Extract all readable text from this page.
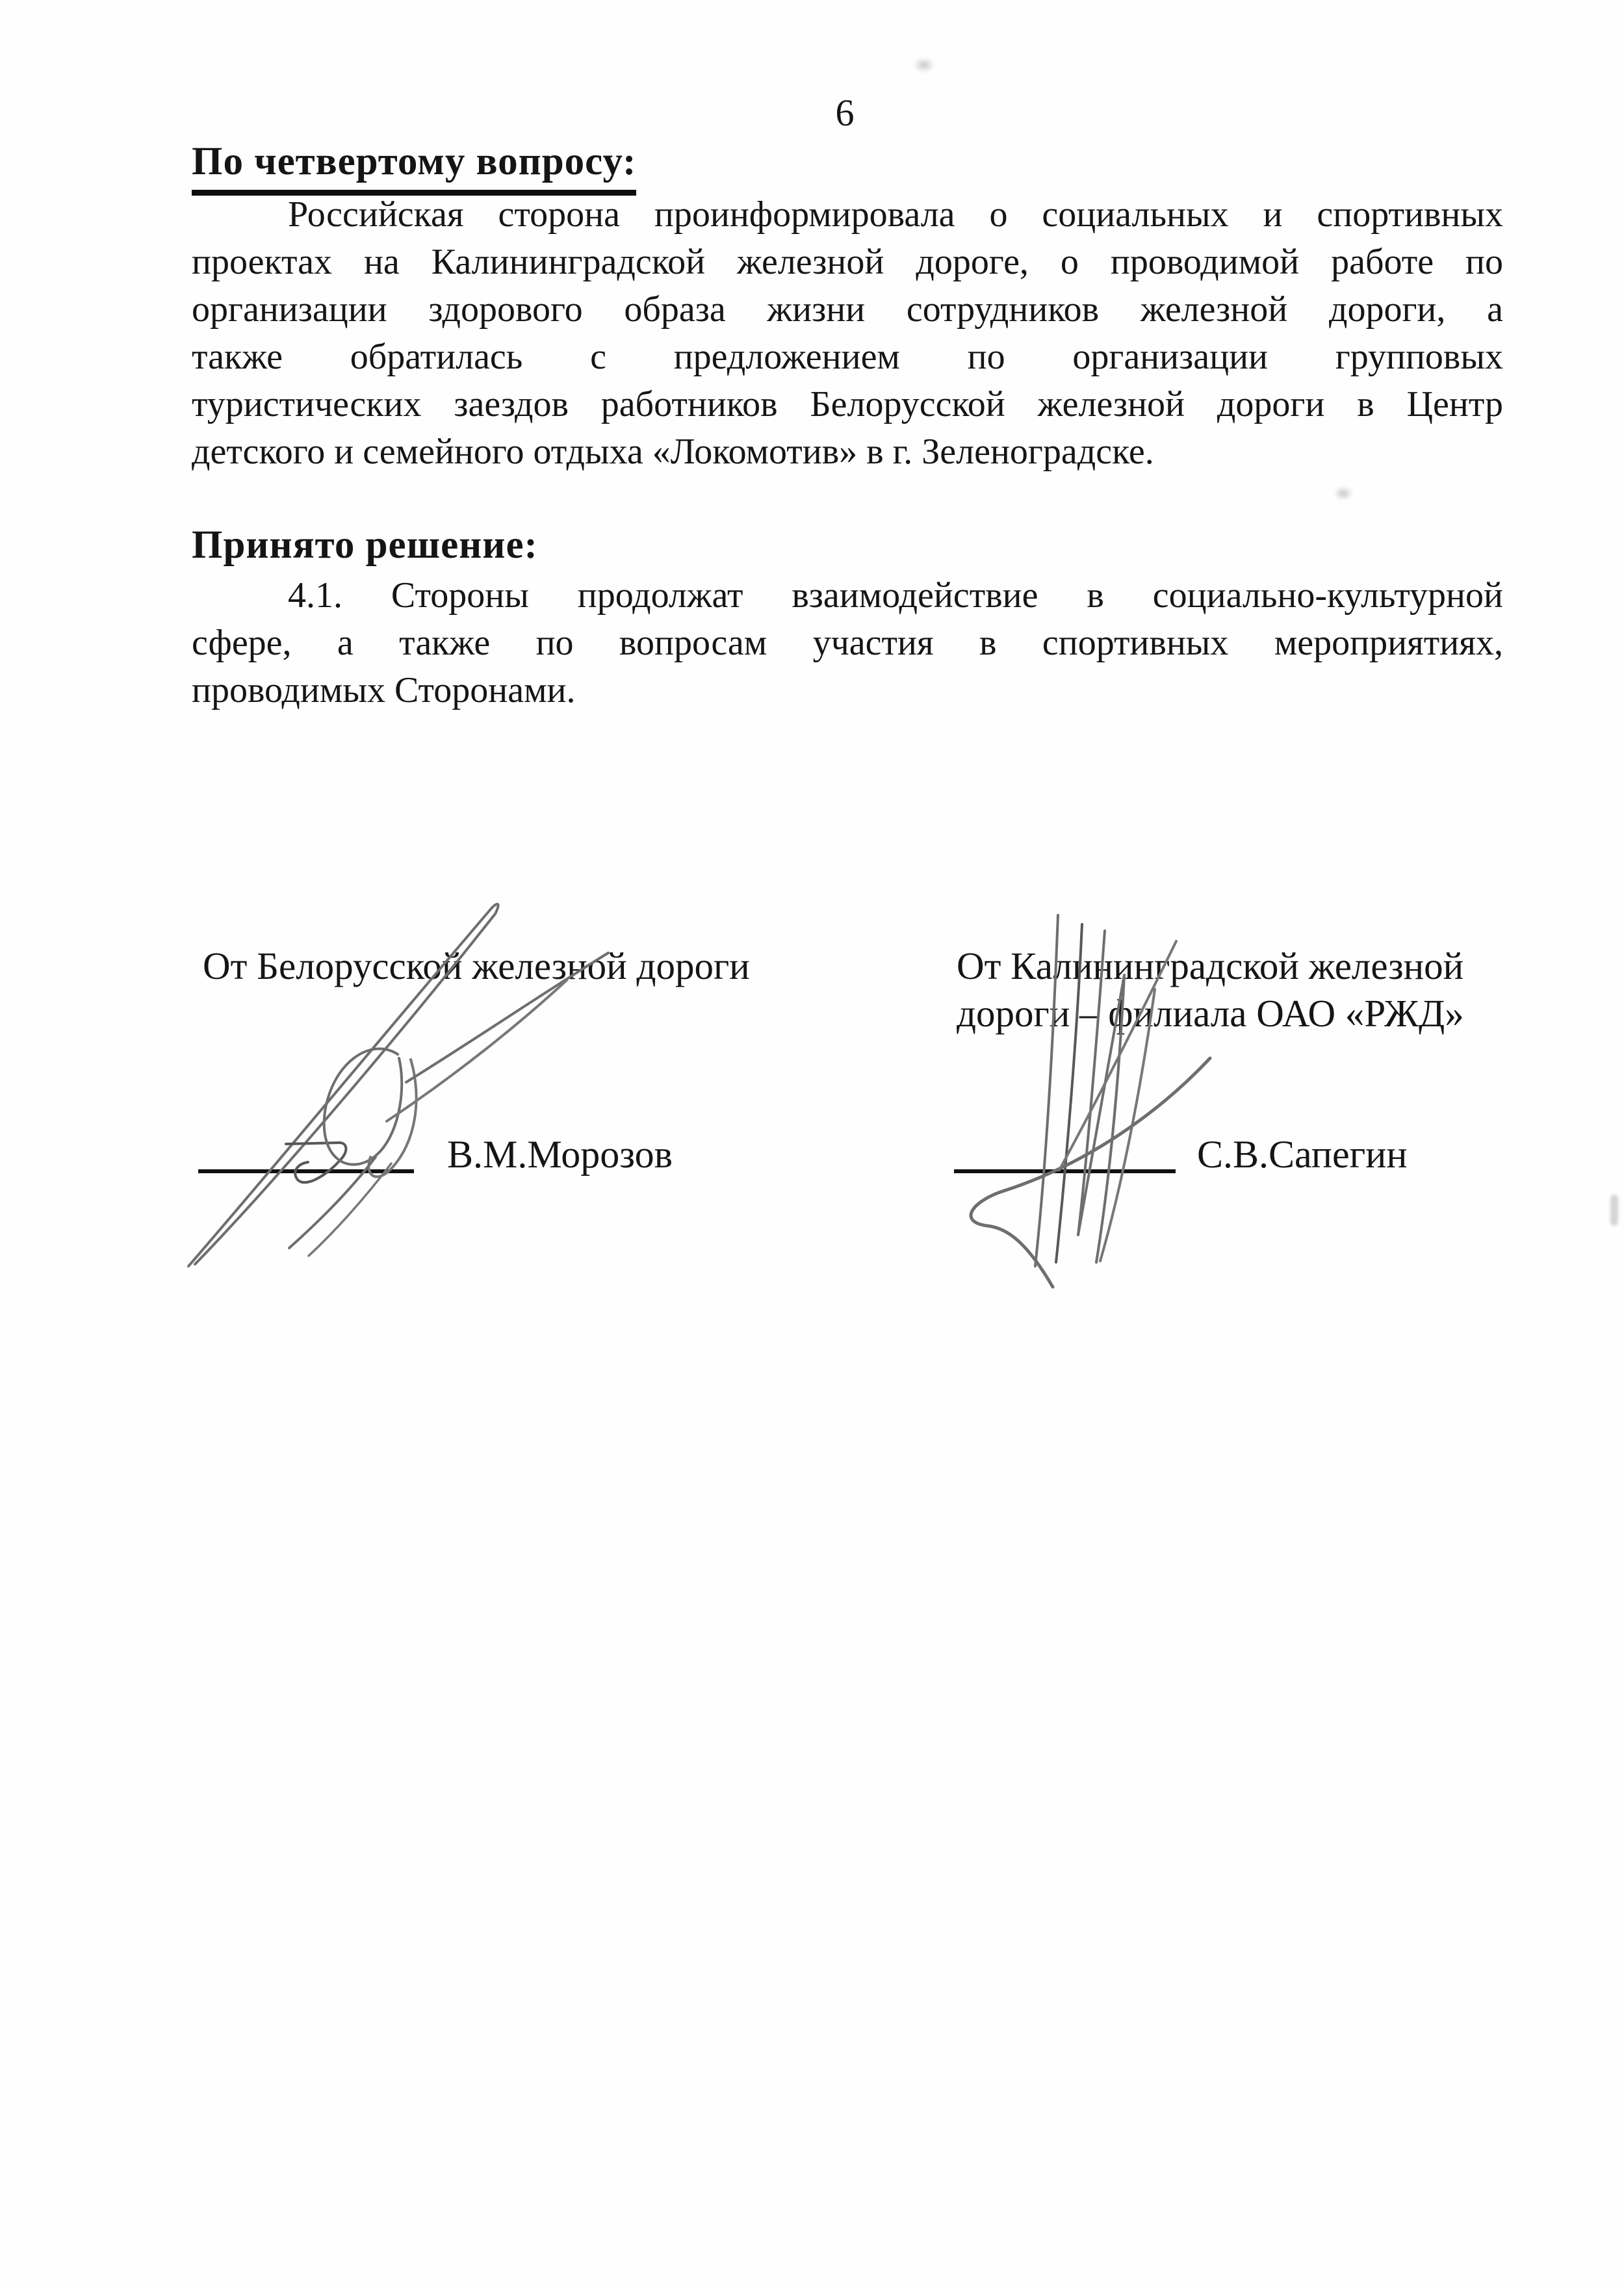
6
По четвертому вопросу:
Российская сторона проинформировала о социальных и спортивных
проектах на Калининградской железной дороге, о проводимой работе по
организации здорового образа жизни сотрудников железной дороги, а
также обратилась с предложением по организации групповых
туристических заездов работников Белорусской железной дороги в Центр
детского и семейного отдыха «Локомотив» в г. Зеленоградске.
Принято решение:
4.1. Стороны продолжат взаимодействие в социально-культурной
сфере, а также по вопросам участия в спортивных мероприятиях,
проводимых Сторонами.
От Белорусской железной дороги	От Калининградской железной
дороги – филиала ОАО «РЖД»
В.М.Морозов	С.В.Сапегин
